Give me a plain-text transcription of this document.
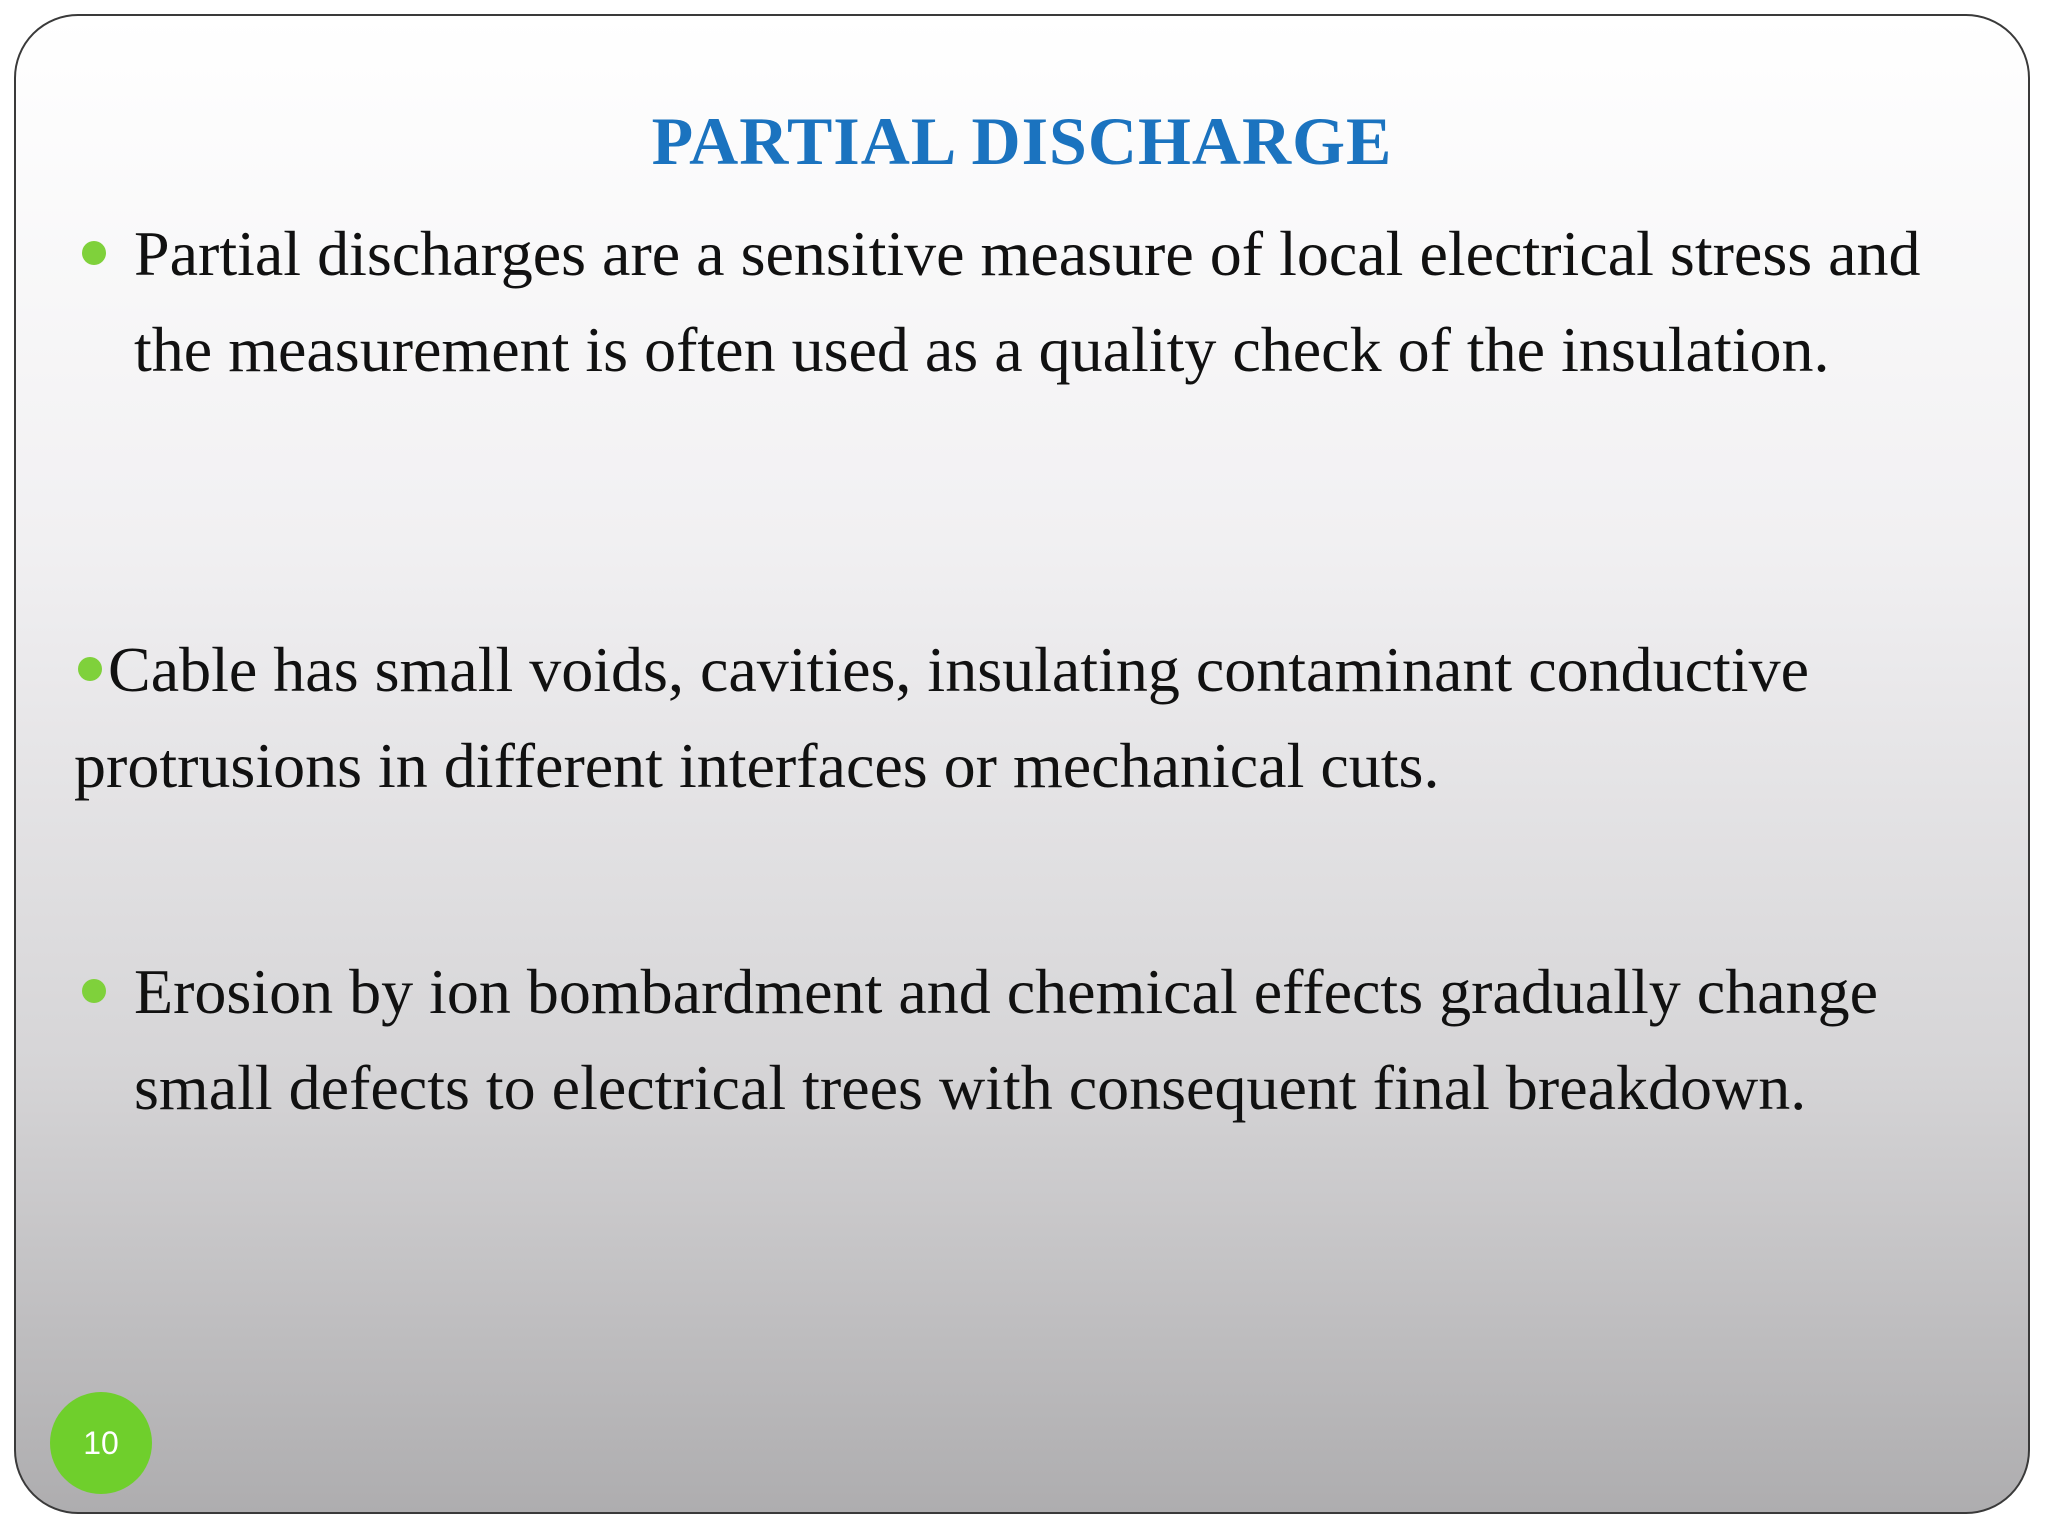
PARTIAL DISCHARGE
Partial discharges are a sensitive measure of local electrical stress and the measurement is often used as a quality check of the insulation.
Cable has small voids, cavities, insulating contaminant conductive protrusions in different interfaces or mechanical cuts.
Erosion by ion bombardment and chemical effects gradually change small defects to electrical trees with consequent final breakdown.
10
